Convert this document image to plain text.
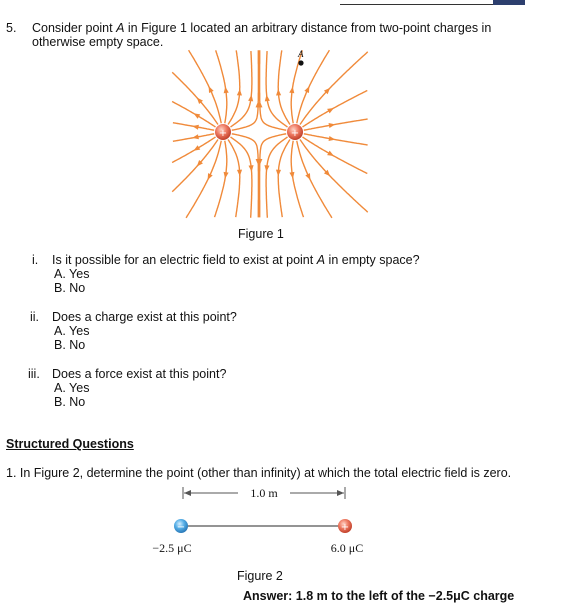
5. Consider point A in Figure 1 located an arbitrary distance from two-point charges in
otherwise empty space.
+	+
A
Figure 1
i. Is it possible for an electric field to exist at point A in empty space?
A. Yes
B. No
ii. Does a charge exist at this point?
A. Yes
B. No
iii. Does a force exist at this point?
A. Yes
B. No
Structured Questions
1. In Figure 2, determine the point (other than infinity) at which the total electric field is zero.
1.0 m
−	+
−2.5 μC	6.0 μC
Figure 2
Answer: 1.8 m to the left of the −2.5μC charge
